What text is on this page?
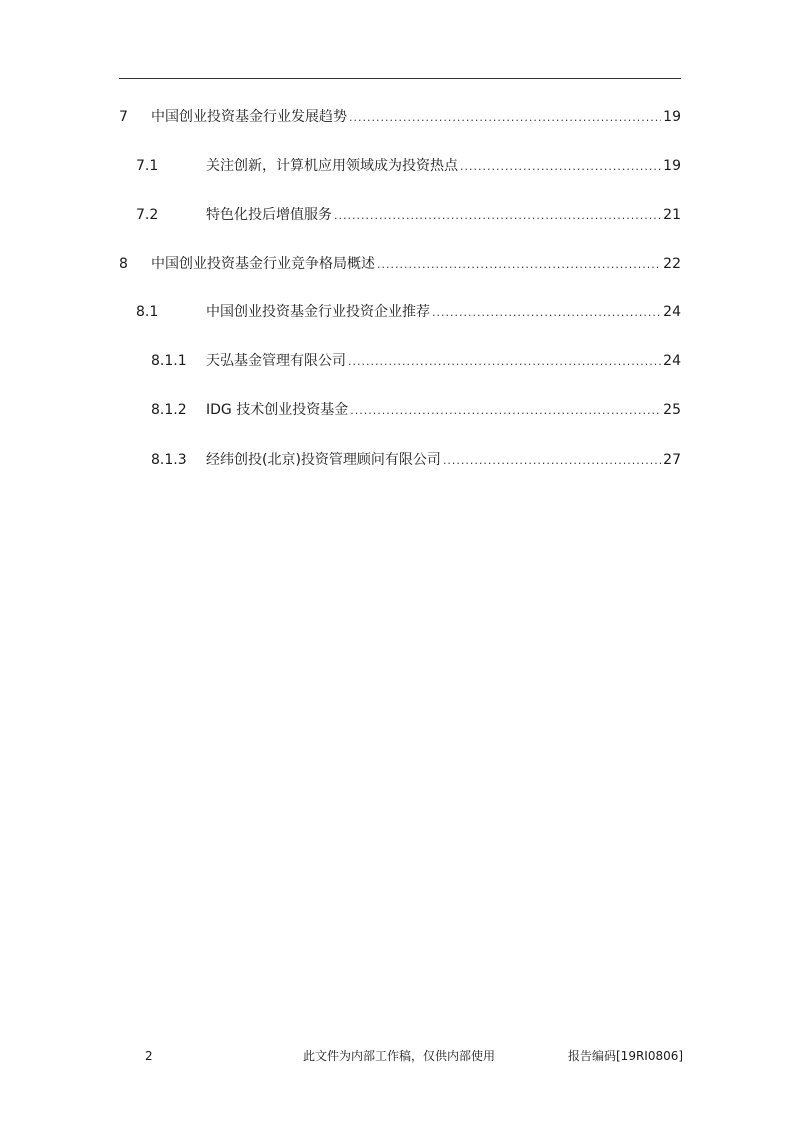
7 中国创业投资基金行业发展趋势 .....	19
7.1	关注创新，计算机应用领域成为投资热点 .....	19
7.2	特色化投后增值服务 .....	21
8 中国创业投资基金行业竞争格局概述 .....	22
8.1	中国创业投资基金行业投资企业推荐 .....	24
8.1.1 天弘基金管理有限公司 .....	24
8.1.2 IDG 技术创业投资基金 .....	25
8.1.3 经纬创投(北京)投资管理顾问有限公司 .....	27
2	此文件为内部工作稿，仅供内部使用	报告编码[19RI0806]
